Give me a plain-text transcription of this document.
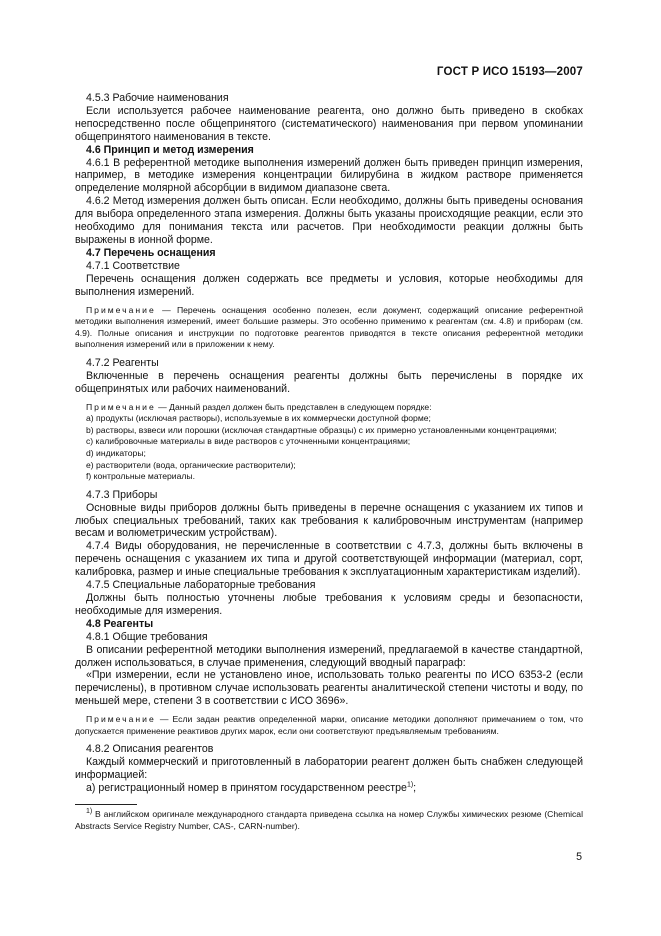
ГОСТ Р ИСО 15193—2007

4.5.3 Рабочие наименования

Если используется рабочее наименование реагента, оно должно быть приведено в скобках непосредственно после общепринятого (систематического) наименования при первом упоминании общепринятого наименования в тексте.

4.6 Принцип и метод измерения

4.6.1 В референтной методике выполнения измерений должен быть приведен принцип измерения, например, в методике измерения концентрации билирубина в жидком растворе применяется определение молярной абсорбции в видимом диапазоне света.

4.6.2 Метод измерения должен быть описан. Если необходимо, должны быть приведены основания для выбора определенного этапа измерения. Должны быть указаны происходящие реакции, если это необходимо для понимания текста или расчетов. При необходимости реакции должны быть выражены в ионной форме.

4.7 Перечень оснащения

4.7.1 Соответствие

Перечень оснащения должен содержать все предметы и условия, которые необходимы для выполнения измерений.

Примечание — Перечень оснащения особенно полезен, если документ, содержащий описание референтной методики выполнения измерений, имеет большие размеры. Это особенно применимо к реагентам (см. 4.8) и приборам (см. 4.9). Полные описания и инструкции по подготовке реагентов приводятся в тексте описания референтной методики выполнения измерений или в приложении к нему.

4.7.2 Реагенты

Включенные в перечень оснащения реагенты должны быть перечислены в порядке их общепринятых или рабочих наименований.

Примечание — Данный раздел должен быть представлен в следующем порядке:

a) продукты (исключая растворы), используемые в их коммерчески доступной форме;

b) растворы, взвеси или порошки (исключая стандартные образцы) с их примерно установленными концентрациями;

c) калибровочные материалы в виде растворов с уточненными концентрациями;

d) индикаторы;

e) растворители (вода, органические растворители);

f) контрольные материалы.

4.7.3 Приборы

Основные виды приборов должны быть приведены в перечне оснащения с указанием их типов и любых специальных требований, таких как требования к калибровочным инструментам (например весам и волюметрическим устройствам).

4.7.4 Виды оборудования, не перечисленные в соответствии с 4.7.3, должны быть включены в перечень оснащения с указанием их типа и другой соответствующей информации (материал, сорт, калибровка, размер и иные специальные требования к эксплуатационным характеристикам изделий).

4.7.5 Специальные лабораторные требования

Должны быть полностью уточнены любые требования к условиям среды и безопасности, необходимые для измерения.

4.8 Реагенты

4.8.1 Общие требования

В описании референтной методики выполнения измерений, предлагаемой в качестве стандартной, должен использоваться, в случае применения, следующий вводный параграф:

«При измерении, если не установлено иное, использовать только реагенты по ИСО 6353-2 (если перечислены), в противном случае использовать реагенты аналитической степени чистоты и воду, по меньшей мере, степени 3 в соответствии с ИСО 3696».

Примечание — Если задан реактив определенной марки, описание методики дополняют примечанием о том, что допускается применение реактивов других марок, если они соответствуют предъявляемым требованиям.

4.8.2 Описания реагентов

Каждый коммерческий и приготовленный в лаборатории реагент должен быть снабжен следующей информацией:

a) регистрационный номер в принятом государственном реестре$^{1)}$;

$^{1)}$ В английском оригинале международного стандарта приведена ссылка на номер Службы химических резюме (Chemical Abstracts Service Registry Number, CAS-, CARN-number).

5
